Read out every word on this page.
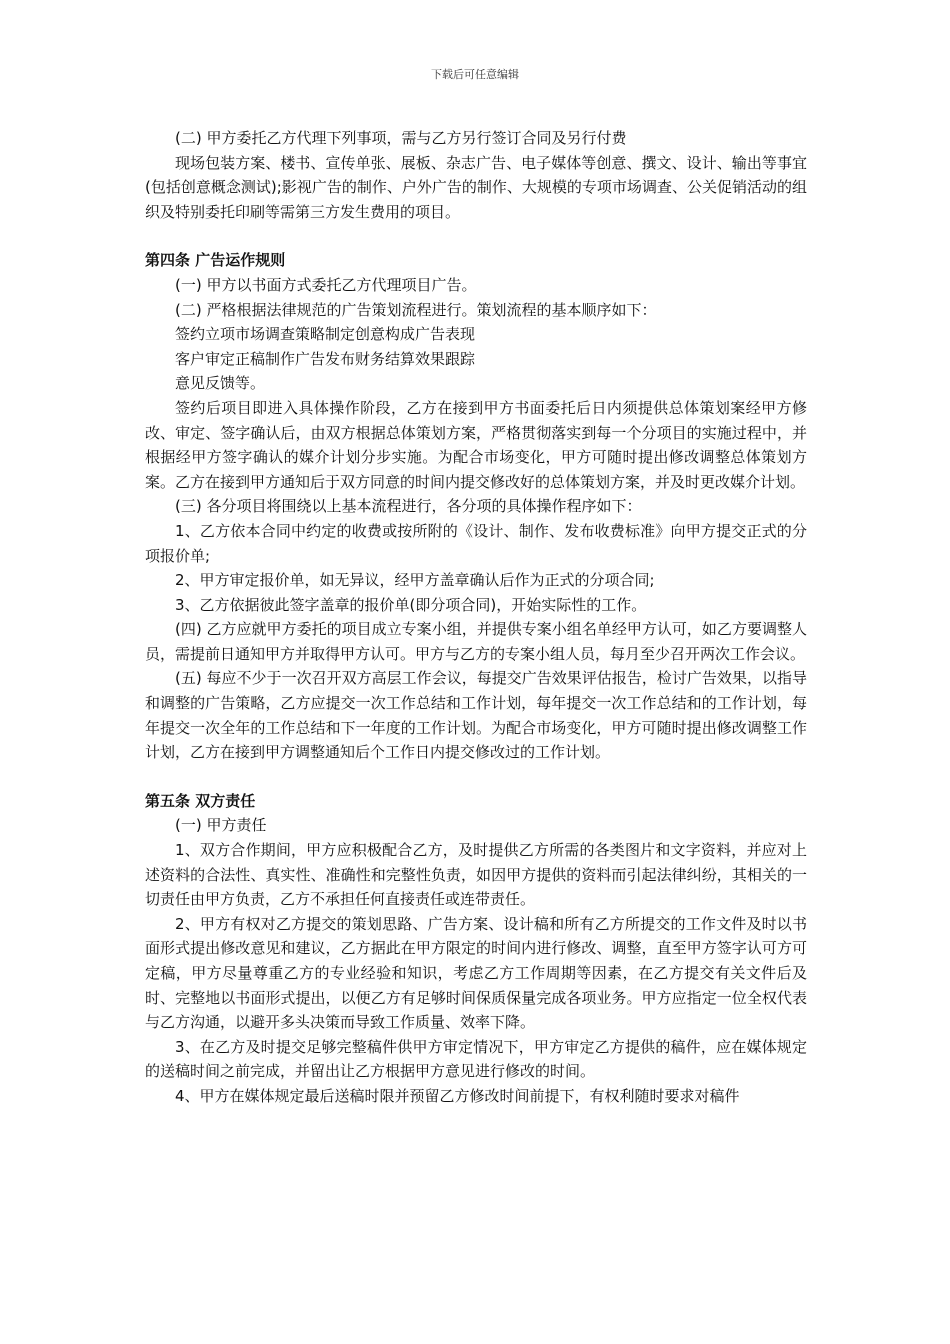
下载后可任意编辑
(二) 甲方委托乙方代理下列事项，需与乙方另行签订合同及另行付费
现场包装方案、楼书、宣传单张、展板、杂志广告、电子媒体等创意、撰文、设计、输出等事宜(包括创意概念测试);影视广告的制作、户外广告的制作、大规模的专项市场调查、公关促销活动的组织及特别委托印刷等需第三方发生费用的项目。
第四条 广告运作规则
(一) 甲方以书面方式委托乙方代理项目广告。
(二) 严格根据法律规范的广告策划流程进行。策划流程的基本顺序如下：
签约立项市场调查策略制定创意构成广告表现
客户审定正稿制作广告发布财务结算效果跟踪
意见反馈等。
签约后项目即进入具体操作阶段，乙方在接到甲方书面委托后日内须提供总体策划案经甲方修改、审定、签字确认后，由双方根据总体策划方案，严格贯彻落实到每一个分项目的实施过程中，并根据经甲方签字确认的媒介计划分步实施。为配合市场变化，甲方可随时提出修改调整总体策划方案。乙方在接到甲方通知后于双方同意的时间内提交修改好的总体策划方案，并及时更改媒介计划。
(三) 各分项目将围绕以上基本流程进行，各分项的具体操作程序如下：
1、乙方依本合同中约定的收费或按所附的《设计、制作、发布收费标准》向甲方提交正式的分项报价单;
2、甲方审定报价单，如无异议，经甲方盖章确认后作为正式的分项合同;
3、乙方依据彼此签字盖章的报价单(即分项合同)，开始实际性的工作。
(四) 乙方应就甲方委托的项目成立专案小组，并提供专案小组名单经甲方认可，如乙方要调整人员，需提前日通知甲方并取得甲方认可。甲方与乙方的专案小组人员，每月至少召开两次工作会议。
(五) 每应不少于一次召开双方高层工作会议，每提交广告效果评估报告，检讨广告效果，以指导和调整的广告策略，乙方应提交一次工作总结和工作计划，每年提交一次工作总结和的工作计划，每年提交一次全年的工作总结和下一年度的工作计划。为配合市场变化，甲方可随时提出修改调整工作计划，乙方在接到甲方调整通知后个工作日内提交修改过的工作计划。
第五条 双方责任
(一) 甲方责任
1、双方合作期间，甲方应积极配合乙方，及时提供乙方所需的各类图片和文字资料，并应对上述资料的合法性、真实性、准确性和完整性负责，如因甲方提供的资料而引起法律纠纷，其相关的一切责任由甲方负责，乙方不承担任何直接责任或连带责任。
2、甲方有权对乙方提交的策划思路、广告方案、设计稿和所有乙方所提交的工作文件及时以书面形式提出修改意见和建议，乙方据此在甲方限定的时间内进行修改、调整，直至甲方签字认可方可定稿，甲方尽量尊重乙方的专业经验和知识，考虑乙方工作周期等因素，在乙方提交有关文件后及时、完整地以书面形式提出，以便乙方有足够时间保质保量完成各项业务。甲方应指定一位全权代表与乙方沟通，以避开多头决策而导致工作质量、效率下降。
3、在乙方及时提交足够完整稿件供甲方审定情况下，甲方审定乙方提供的稿件，应在媒体规定的送稿时间之前完成，并留出让乙方根据甲方意见进行修改的时间。
4、甲方在媒体规定最后送稿时限并预留乙方修改时间前提下，有权利随时要求对稿件
